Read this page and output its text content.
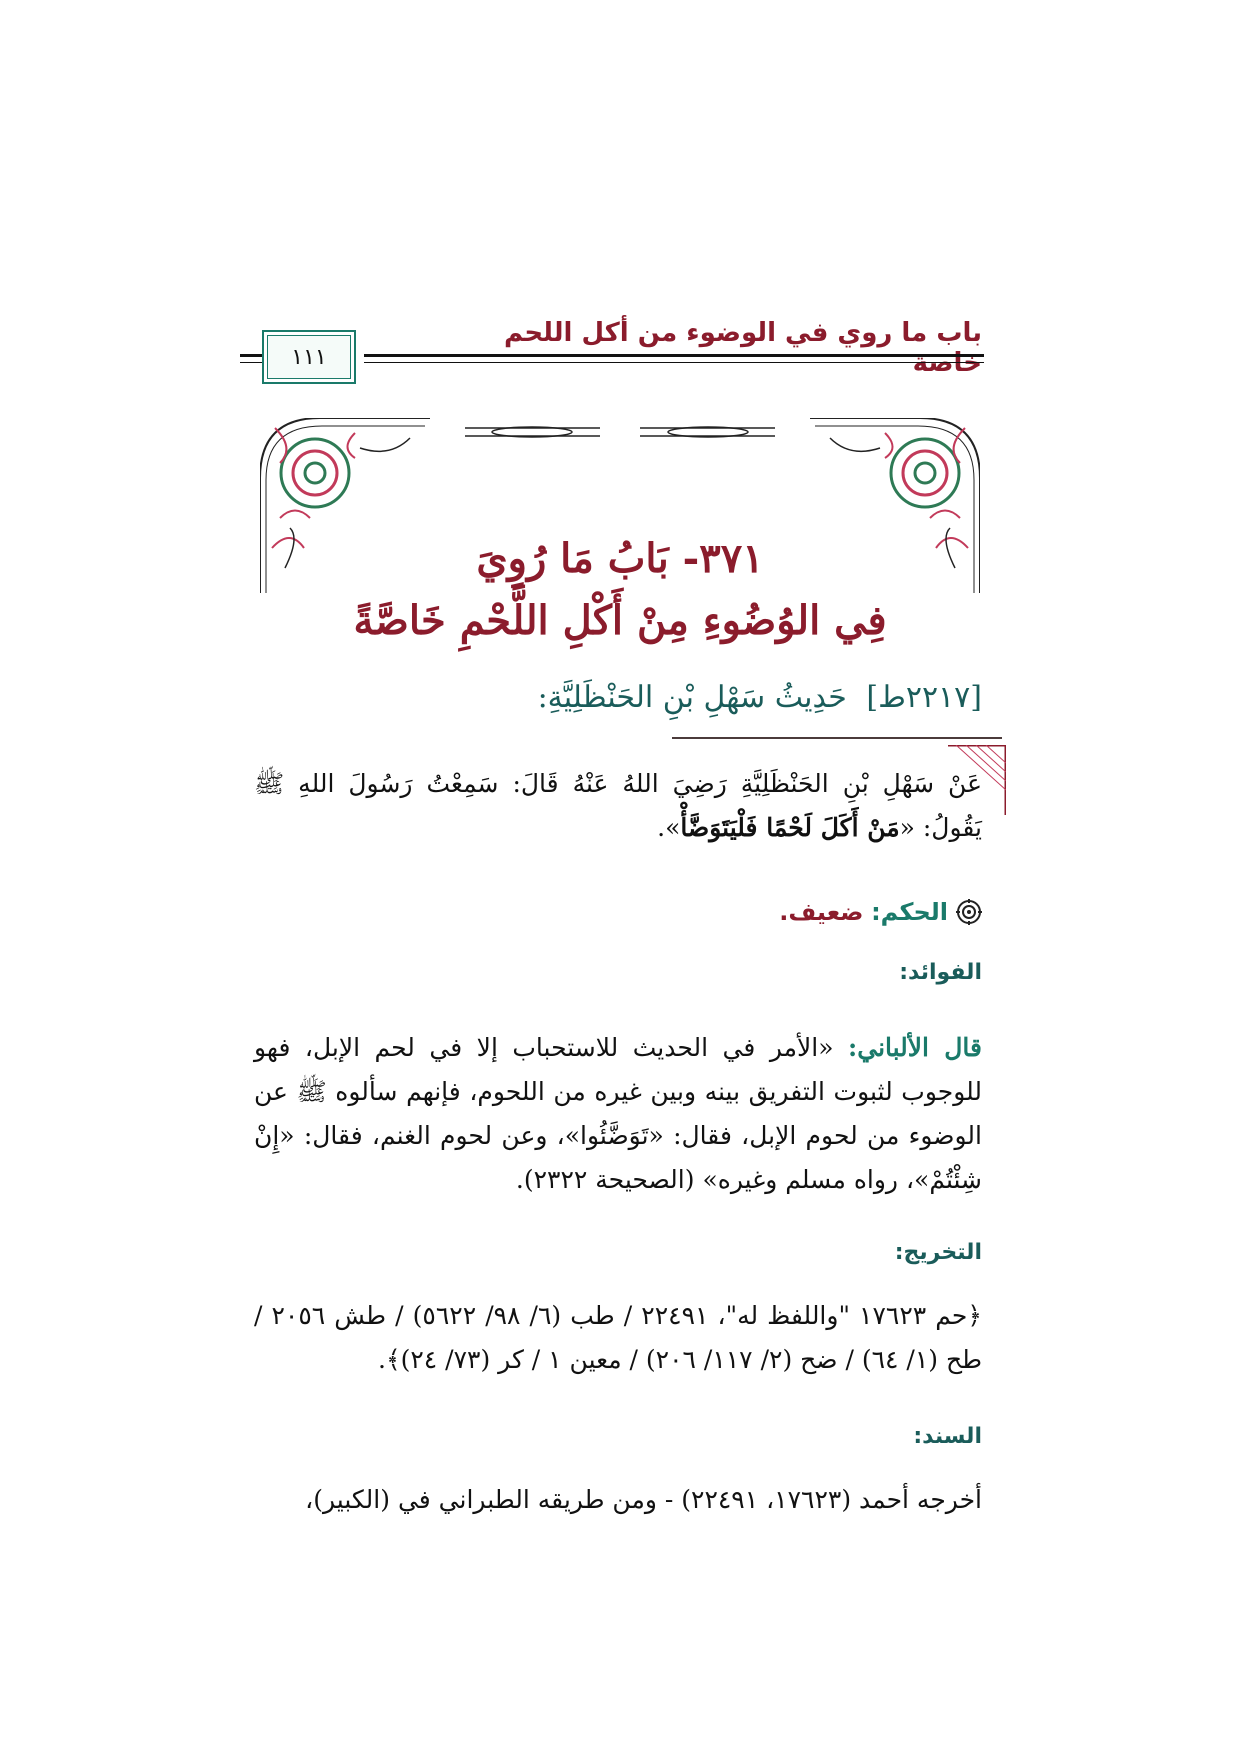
باب ما روي في الوضوء من أكل اللحم خاصة
١١١
٣٧١- بَابُ مَا رُوِيَ
فِي الوُضُوءِ مِنْ أَكْلِ اللَّحْمِ خَاصَّةً
[٢٢١٧ط] حَدِيثُ سَهْلِ بْنِ الحَنْظَلِيَّةِ:
عَنْ سَهْلِ بْنِ الحَنْظَلِيَّةِ رَضِيَ اللهُ عَنْهُ قَالَ: سَمِعْتُ رَسُولَ اللهِ ﷺ يَقُولُ: «مَنْ أَكَلَ لَحْمًا فَلْيَتَوَضَّأْ».
الحكم: ضعيف.
الفوائد:
قال الألباني: «الأمر في الحديث للاستحباب إلا في لحم الإبل، فهو للوجوب لثبوت التفريق بينه وبين غيره من اللحوم، فإنهم سألوه ﷺ عن الوضوء من لحوم الإبل، فقال: «تَوَضَّئُوا»، وعن لحوم الغنم، فقال: «إِنْ شِئْتُمْ»، رواه مسلم وغيره» (الصحيحة ٢٣٢٢).
التخريج:
﴿حم ١٧٦٢٣ "واللفظ له"، ٢٢٤٩١ / طب (٦/ ٩٨/ ٥٦٢٢) / طش ٢٠٥٦ / طح (١/ ٦٤) / ضح (٢/ ١١٧/ ٢٠٦) / معين ١ / كر (٧٣/ ٢٤)﴾.
السند:
أخرجه أحمد (١٧٦٢٣، ٢٢٤٩١) - ومن طريقه الطبراني في (الكبير)،
